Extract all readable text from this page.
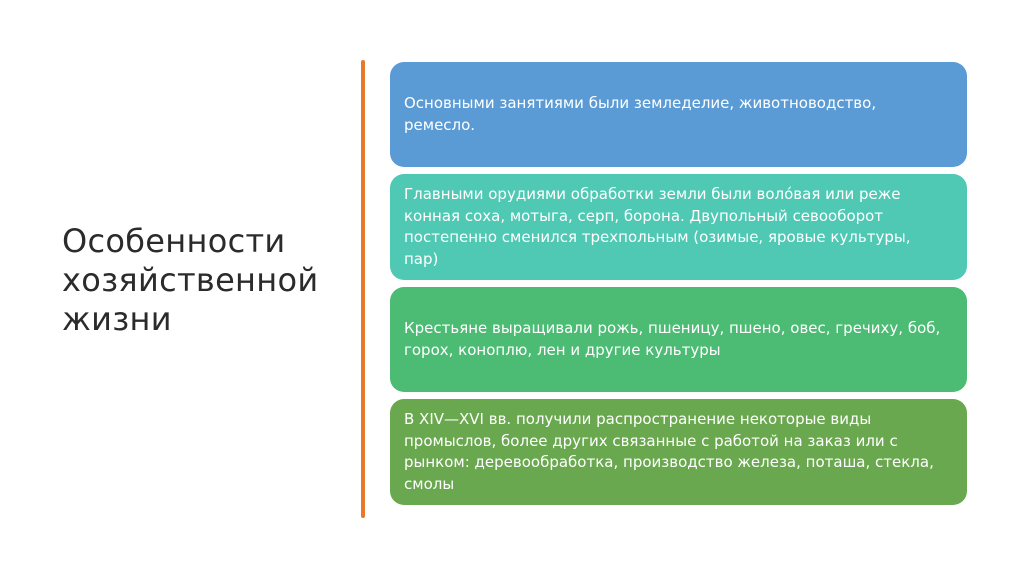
Особенности
хозяйственной
жизни
Основными занятиями были земледелие, животноводство,
ремесло.
Главными орудиями обработки земли были воло́вая или реже
конная соха, мотыга, серп, борона. Двупольный севооборот
постепенно сменился трехпольным (озимые, яровые культуры,
пар)
Крестьяне выращивали рожь, пшеницу, пшено, овес, гречиху, боб,
горох, коноплю, лен и другие культуры
В XIV—XVI вв. получили распространение некоторые виды
промыслов, более других связанные с работой на заказ или с
рынком: деревообработка, производство железа, поташа, стекла,
смолы
